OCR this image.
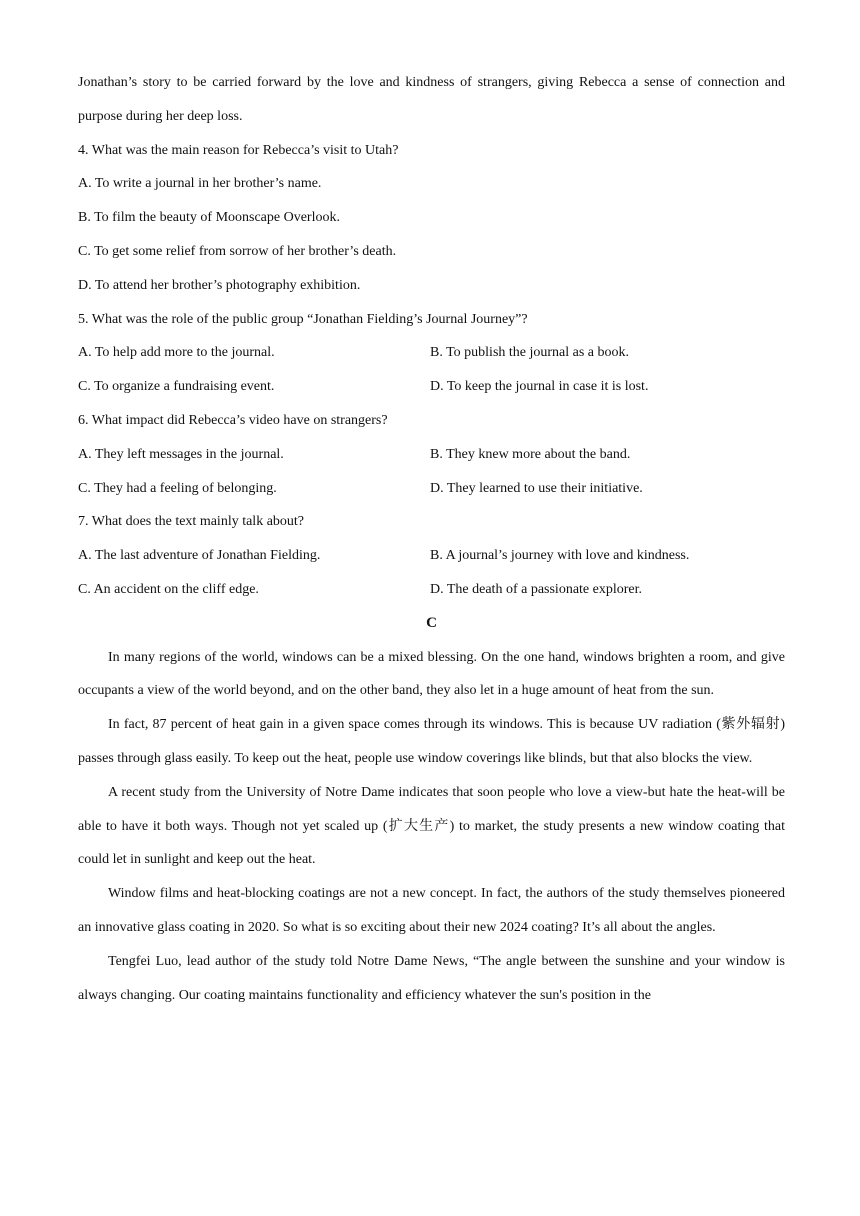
Jonathan’s story to be carried forward by the love and kindness of strangers, giving Rebecca a sense of connection and purpose during her deep loss.

4. What was the main reason for Rebecca’s visit to Utah?

A. To write a journal in her brother’s name.

B. To film the beauty of Moonscape Overlook.

C. To get some relief from sorrow of her brother’s death.

D. To attend her brother’s photography exhibition.

5. What was the role of the public group “Jonathan Fielding’s Journal Journey”?

A. To help add more to the journal.	B. To publish the journal as a book.
C. To organize a fundraising event.	D. To keep the journal in case it is lost.

6. What impact did Rebecca’s video have on strangers?

A. They left messages in the journal.	B. They knew more about the band.
C. They had a feeling of belonging.	D. They learned to use their initiative.

7. What does the text mainly talk about?

A. The last adventure of Jonathan Fielding.	B. A journal’s journey with love and kindness.
C. An accident on the cliff edge.	D. The death of a passionate explorer.

C

In many regions of the world, windows can be a mixed blessing. On the one hand, windows brighten a room, and give occupants a view of the world beyond, and on the other band, they also let in a huge amount of heat from the sun.

In fact, 87 percent of heat gain in a given space comes through its windows. This is because UV radiation (紫外辐射) passes through glass easily. To keep out the heat, people use window coverings like blinds, but that also blocks the view.

A recent study from the University of Notre Dame indicates that soon people who love a view-but hate the heat-will be able to have it both ways. Though not yet scaled up (扩大生产) to market, the study presents a new window coating that could let in sunlight and keep out the heat.

Window films and heat-blocking coatings are not a new concept. In fact, the authors of the study themselves pioneered an innovative glass coating in 2020. So what is so exciting about their new 2024 coating? It’s all about the angles.

Tengfei Luo, lead author of the study told Notre Dame News, “The angle between the sunshine and your window is always changing. Our coating maintains functionality and efficiency whatever the sun's position in the
